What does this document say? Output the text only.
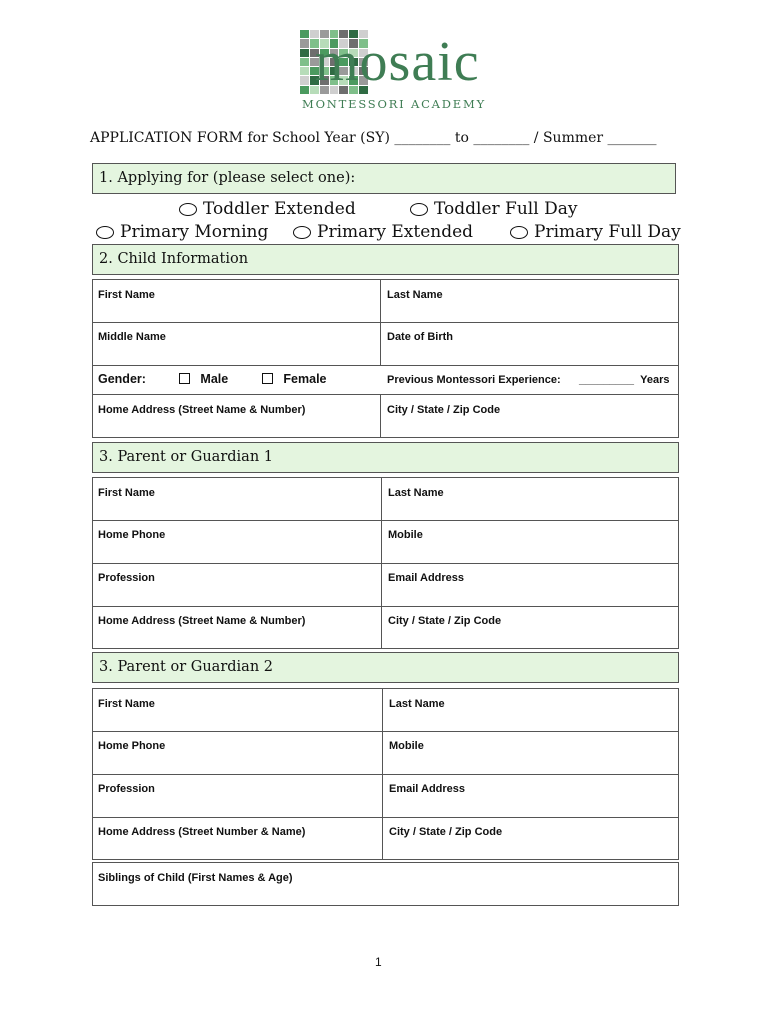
mosaic
MONTESSORI ACADEMY
APPLICATION FORM for School Year (SY) ________ to ________ / Summer _______
1. Applying for (please select one):
Toddler Extended	Toddler Full Day
Primary Morning	Primary Extended	Primary Full Day
2. Child Information
First Name	Last Name
Middle Name	Date of Birth
Gender:	Male	Female	Previous Montessori Experience: _________ Years
Home Address (Street Name & Number)	City / State / Zip Code
3. Parent or Guardian 1
First Name	Last Name
Home Phone	Mobile
Profession	Email Address
Home Address (Street Name & Number)	City / State / Zip Code
3. Parent or Guardian 2
First Name	Last Name
Home Phone	Mobile
Profession	Email Address
Home Address (Street Number & Name)	City / State / Zip Code
Siblings of Child (First Names & Age)
1
